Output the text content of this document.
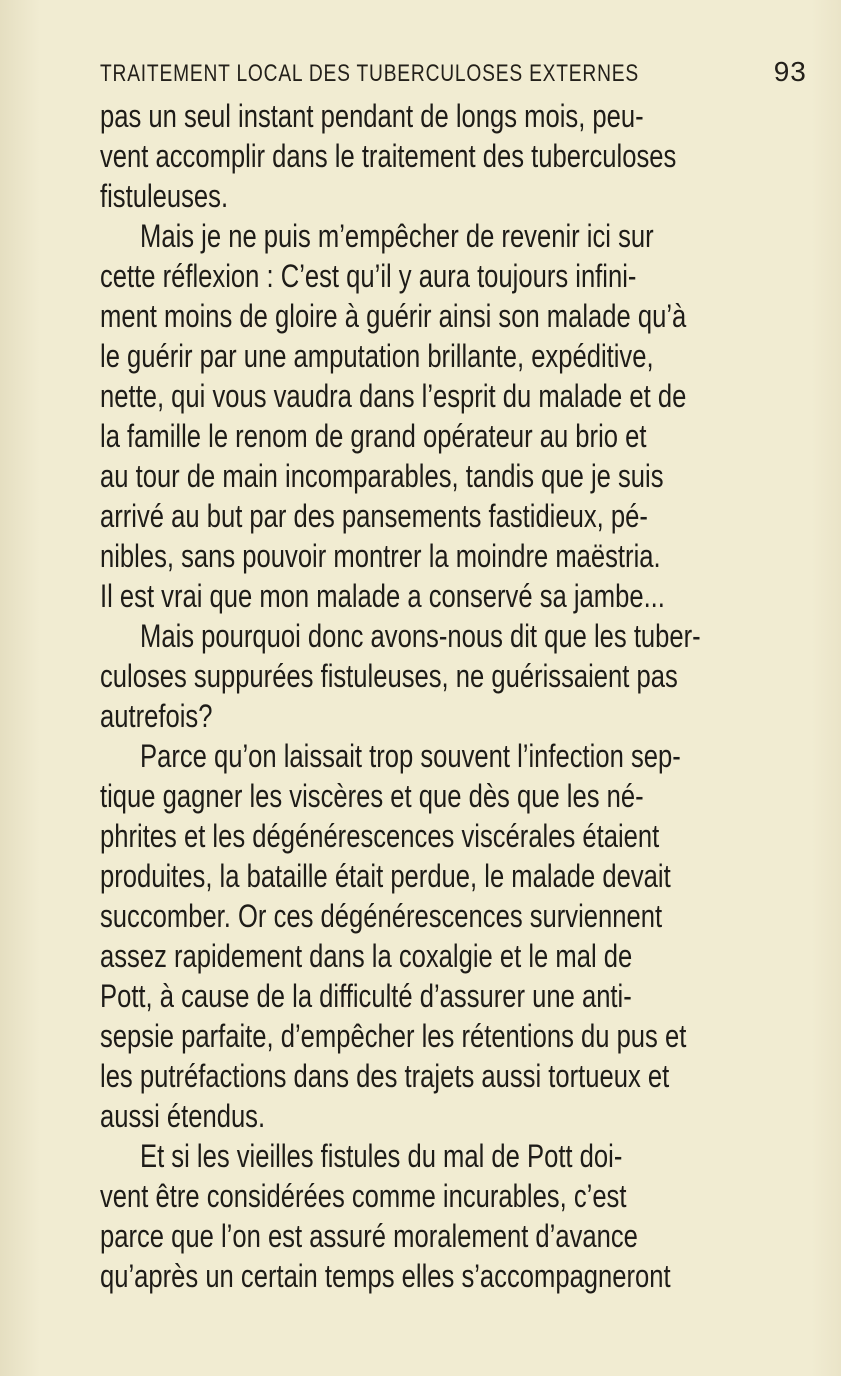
TRAITEMENT LOCAL DES TUBERCULOSES EXTERNES	93
pas un seul instant pendant de longs mois, peu-
vent accomplir dans le traitement des tuberculoses
fistuleuses.
Mais je ne puis m’empêcher de revenir ici sur
cette réflexion : C’est qu’il y aura toujours infini-
ment moins de gloire à guérir ainsi son malade qu’à
le guérir par une amputation brillante, expéditive,
nette, qui vous vaudra dans l’esprit du malade et de
la famille le renom de grand opérateur au brio et
au tour de main incomparables, tandis que je suis
arrivé au but par des pansements fastidieux, pé-
nibles, sans pouvoir montrer la moindre maëstria.
Il est vrai que mon malade a conservé sa jambe...
Mais pourquoi donc avons-nous dit que les tuber-
culoses suppurées fistuleuses, ne guérissaient pas
autrefois?
Parce qu’on laissait trop souvent l’infection sep-
tique gagner les viscères et que dès que les né-
phrites et les dégénérescences viscérales étaient
produites, la bataille était perdue, le malade devait
succomber. Or ces dégénérescences surviennent
assez rapidement dans la coxalgie et le mal de
Pott, à cause de la difficulté d’assurer une anti-
sepsie parfaite, d’empêcher les rétentions du pus et
les putréfactions dans des trajets aussi tortueux et
aussi étendus.
Et si les vieilles fistules du mal de Pott doi-
vent être considérées comme incurables, c’est
parce que l’on est assuré moralement d’avance
qu’après un certain temps elles s’accompagneront
